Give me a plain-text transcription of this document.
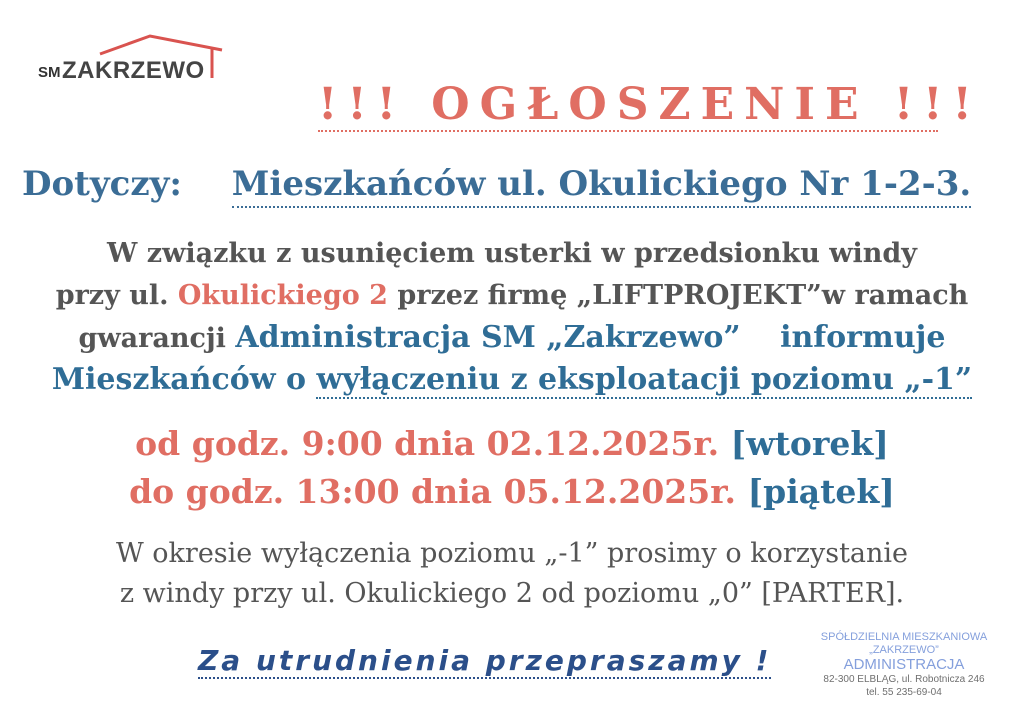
SM ZAKRZEWO
!!! OGŁOSZENIE !!!
Dotyczy: Mieszkańców ul. Okulickiego Nr 1-2-3.
W związku z usunięciem usterki w przedsionku windy
przy ul. Okulickiego 2 przez firmę „LIFTPROJEKT”w ramach
gwarancji Administracja SM „Zakrzewo” informuje
Mieszkańców o wyłączeniu z eksploatacji poziomu „-1”
od godz. 9:00 dnia 02.12.2025r. [wtorek]
do godz. 13:00 dnia 05.12.2025r. [piątek]
W okresie wyłączenia poziomu „-1” prosimy o korzystanie
z windy przy ul. Okulickiego 2 od poziomu „0” [PARTER].
Za utrudnienia przepraszamy !
SPÓŁDZIELNIA MIESZKANIOWA
„ZAKRZEWO”
ADMINISTRACJA
82-300 ELBLĄG, ul. Robotnicza 246
tel. 55 235-69-04
